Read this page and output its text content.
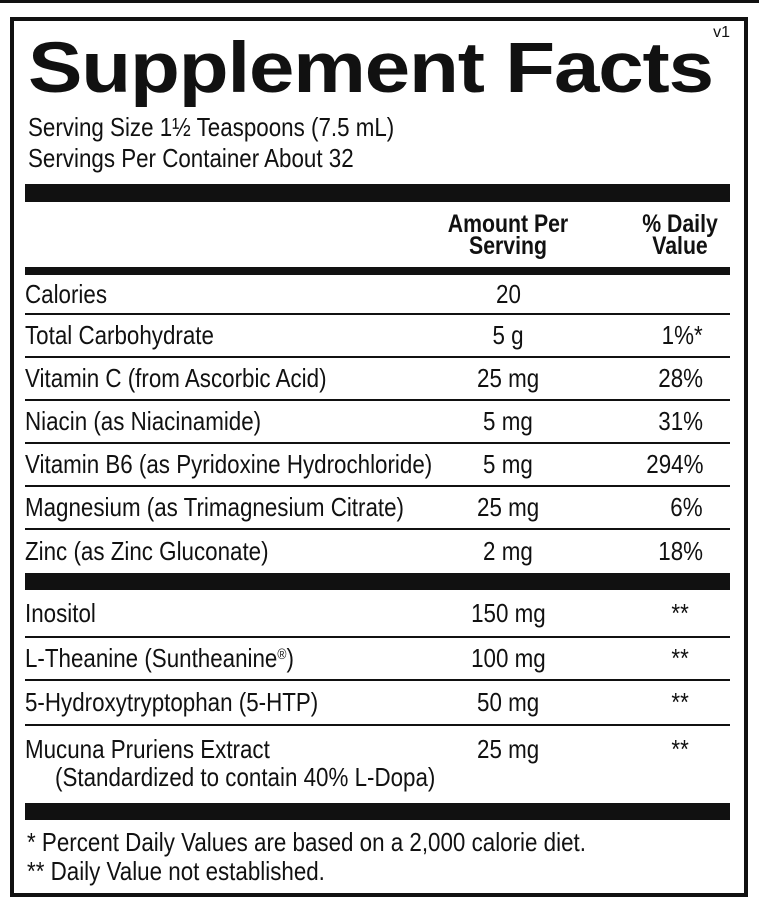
v1
Supplement Facts
Serving Size 1½ Teaspoons (7.5 mL)
Servings Per Container About 32
Amount Per Serving
% Daily Value
Calories	20
Total Carbohydrate	5 g	1%*
Vitamin C (from Ascorbic Acid)	25 mg	28%
Niacin (as Niacinamide)	5 mg	31%
Vitamin B6 (as Pyridoxine Hydrochloride)	5 mg	294%
Magnesium (as Trimagnesium Citrate)	25 mg	6%
Zinc (as Zinc Gluconate)	2 mg	18%
Inositol	150 mg	**
L-Theanine (Suntheanine®)	100 mg	**
5-Hydroxytryptophan (5-HTP)	50 mg	**
Mucuna Pruriens Extract
(Standardized to contain 40% L-Dopa)
25 mg	**
* Percent Daily Values are based on a 2,000 calorie diet.
** Daily Value not established.
